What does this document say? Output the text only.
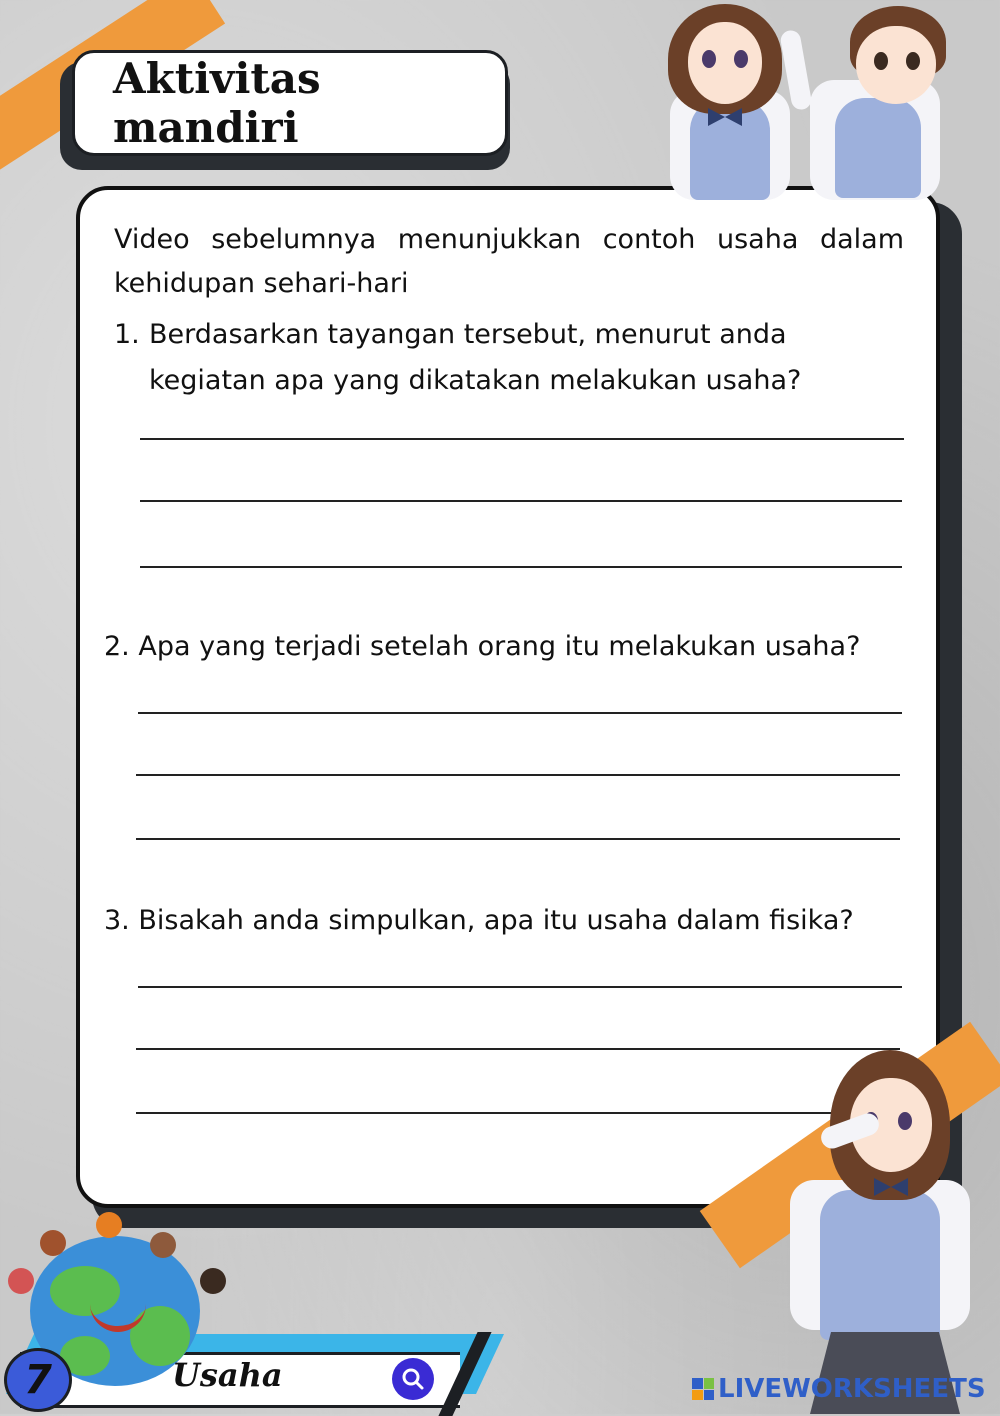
Aktivitas mandiri
Video sebelumnya menunjukkan contoh usaha dalam kehidupan sehari-hari
1. Berdasarkan tayangan tersebut, menurut anda kegiatan apa yang dikatakan melakukan usaha?
2. Apa yang terjadi setelah orang itu melakukan usaha?
3. Bisakah anda simpulkan, apa itu usaha dalam fisika?
7	Usaha	LIVEWORKSHEETS
